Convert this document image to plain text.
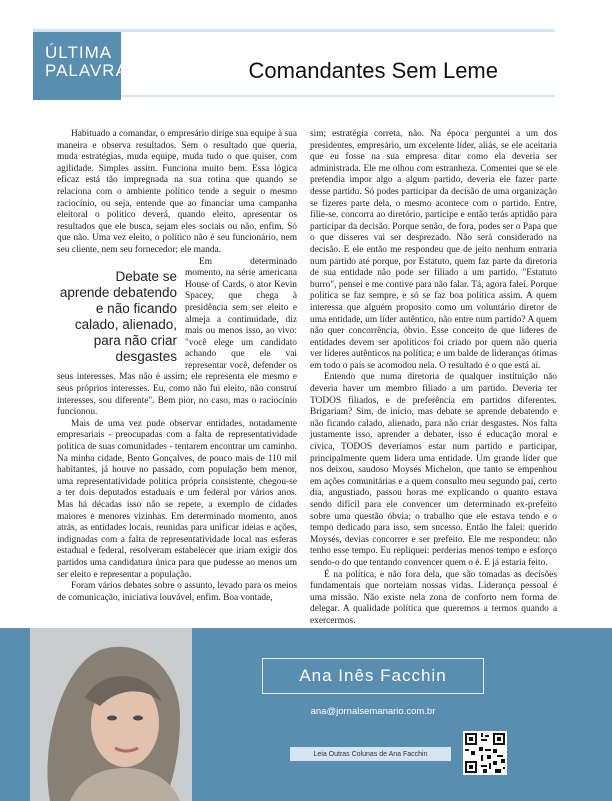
ÚLTIMA
PALAVRA	Comandantes Sem Leme

Habituado a comandar, o empresário dirige sua equipe à sua maneira e observa resultados. Sem o resultado que queria, muda estratégias, muda equipe, muda tudo o que quiser, com agilidade. Simples assim. Funciona muito bem. Essa lógica eficaz está tão impregnada na sua rotina que quando se relaciona com o ambiente político tende a seguir o mesmo raciocínio, ou seja, entende que ao financiar uma campanha eleitoral o político deverá, quando eleito, apresentar os resultados que ele busca, sejam eles sociais ou não, enfim. Só que não. Uma vez eleito, o político não é seu funcionário, nem seu cliente, nem seu fornecedor; ele manda.

Debate se aprende debatendo e não ficando calado, alienado, para não criar desgastes
Em determinado momento, na série americana House of Cards, o ator Kevin Spacey, que chega à presidência sem ser eleito e almeja a continuidade, diz mais ou menos isso, ao vivo: "você elege um candidato achando que ele vai representar você, defender os seus interesses. Mas não é assim; ele representa ele mesmo e seus próprios interesses. Eu, como não fui eleito, não construí interesses, sou diferente". Bem pior, no caso, mas o raciocínio funcionou.

Mais de uma vez pude observar entidades, notadamente empresariais - preocupadas com a falta de representatividade política de suas comunidades - tentarem encontrar um caminho. Na minha cidade, Bento Gonçalves, de pouco mais de 110 mil habitantes, já houve no passado, com população bem menor, uma representatividade política própria consistente, chegou-se a ter dois deputados estaduais e um federal por vários anos. Mas há décadas isso não se repete, a exemplo de cidades maiores e menores vizinhas. Em determinado momento, anos atrás, as entidades locais, reunidas para unificar ideias e ações, indignadas com a falta de representatividade local nas esferas estadual e federal, resolveram estabelecer que iriam exigir dos partidos uma candidatura única para que pudesse ao menos um ser eleito e representar a população.

Foram vários debates sobre o assunto, levado para os meios de comunicação, iniciativa louvável, enfim. Boa vontade,

sim; estratégia correta, não. Na época perguntei a um dos presidentes, empresário, um excelente líder, aliás, se ele aceitaria que eu fosse na sua empresa ditar como ela deveria ser administrada. Ele me olhou com estranheza. Comentei que se ele pretendia impor algo a algum partido, deveria ele fazer parte desse partido. Só podes participar da decisão de uma organização se fizeres parte dela, o mesmo acontece com o partido. Entre, filie-se, concorra ao diretório, participe e então terás aptidão para participar da decisão. Porque senão, de fora, podes ser o Papa que o que disseres vai ser desprezado. Não será considerado na decisão. E ele então me respondeu que de jeito nenhum entraria num partido até porque, por Estatuto, quem faz parte da diretoria de sua entidade não pode ser filiado a um partido. "Estatuto burro", pensei e me contive para não falar. Tá, agora falei. Porque política se faz sempre, e só se faz boa política assim. A quem interessa que alguém proposito como um voluntário diretor de uma entidade, um líder autêntico, não entre num partido? A quem não quer concorrência, óbvio. Esse conceito de que líderes de entidades devem ser apolíticos foi criado por quem não queria ver líderes autênticos na política; e um balde de lideranças ótimas em todo o país se acomodou nela. O resultado é o que está aí.

Entendo que numa diretoria de qualquer instituição não deveria haver um membro filiado a um partido. Deveria ter TODOS filiados, e de preferência em partidos diferentes. Brigariam? Sim, de início, mas debate se aprende debatendo e não ficando calado, alienado, para não criar desgastes. Nos falta justamente isso, aprender a debater, isso é educação moral e cívica, TODOS deveríamos estar num partido e participar, principalmente quem lidera uma entidade. Um grande líder que nos deixou, saudoso Moysés Michelon, que tanto se empenhou em ações comunitárias e a quem consulto meu segundo pai, certo dia, angustiado, passou horas me explicando o quanto estava sendo difícil para ele convencer um determinado ex-prefeito sobre uma questão óbvia; o trabalho que ele estava tendo e o tempo dedicado para isso, sem sucesso. Então lhe falei: querido Moysés, devias concorrer e ser prefeito. Ele me respondeu: não tenho esse tempo. Eu repliquei: perderias menos tempo e esforço sendo-o do que tentando convencer quem o é. E já estaria feito.

É na política, e não fora dela, que são tomadas as decisões fundamentais que norteiam nossas vidas. Liderança pessoal é uma missão. Não existe nela zona de conforto nem forma de delegar. A qualidade política que queremos a termos quando a exercermos.

Ana Inês Facchin
ana@jornalsemanario.com.br
Leia Outras Colunas de Ana Facchin
